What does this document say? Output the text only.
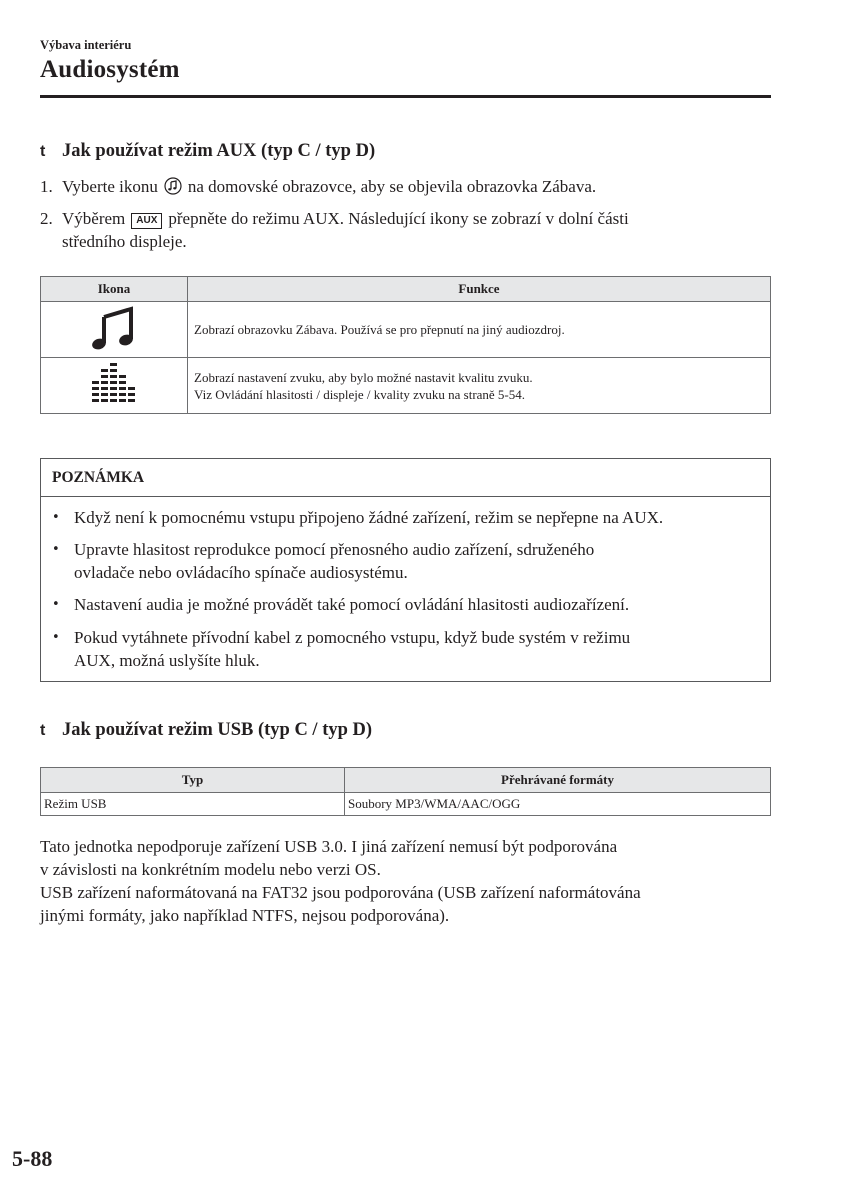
Výbava interiéru
Audiosystém
t Jak používat režim AUX (typ C / typ D)
1. Vyberte ikonu na domovské obrazovce, aby se objevila obrazovka Zábava.
2. Výběrem AUX přepněte do režimu AUX. Následující ikony se zobrazí v dolní části
středního displeje.
Ikona	Funkce
	Zobrazí obrazovku Zábava. Používá se pro přepnutí na jiný audiozdroj.
	Zobrazí nastavení zvuku, aby bylo možné nastavit kvalitu zvuku.
Viz Ovládání hlasitosti / displeje / kvality zvuku na straně 5-54.
POZNÁMKA
• Když není k pomocnému vstupu připojeno žádné zařízení, režim se nepřepne na AUX.
• Upravte hlasitost reprodukce pomocí přenosného audio zařízení, sdruženého
ovladače nebo ovládacího spínače audiosystému.
• Nastavení audia je možné provádět také pomocí ovládání hlasitosti audiozařízení.
• Pokud vytáhnete přívodní kabel z pomocného vstupu, když bude systém v režimu
AUX, možná uslyšíte hluk.
t Jak používat režim USB (typ C / typ D)
Typ	Přehrávané formáty
Režim USB	Soubory MP3/WMA/AAC/OGG
Tato jednotka nepodporuje zařízení USB 3.0. I jiná zařízení nemusí být podporována
v závislosti na konkrétním modelu nebo verzi OS.
USB zařízení naformátovaná na FAT32 jsou podporována (USB zařízení naformátována
jinými formáty, jako například NTFS, nejsou podporována).
5-88
